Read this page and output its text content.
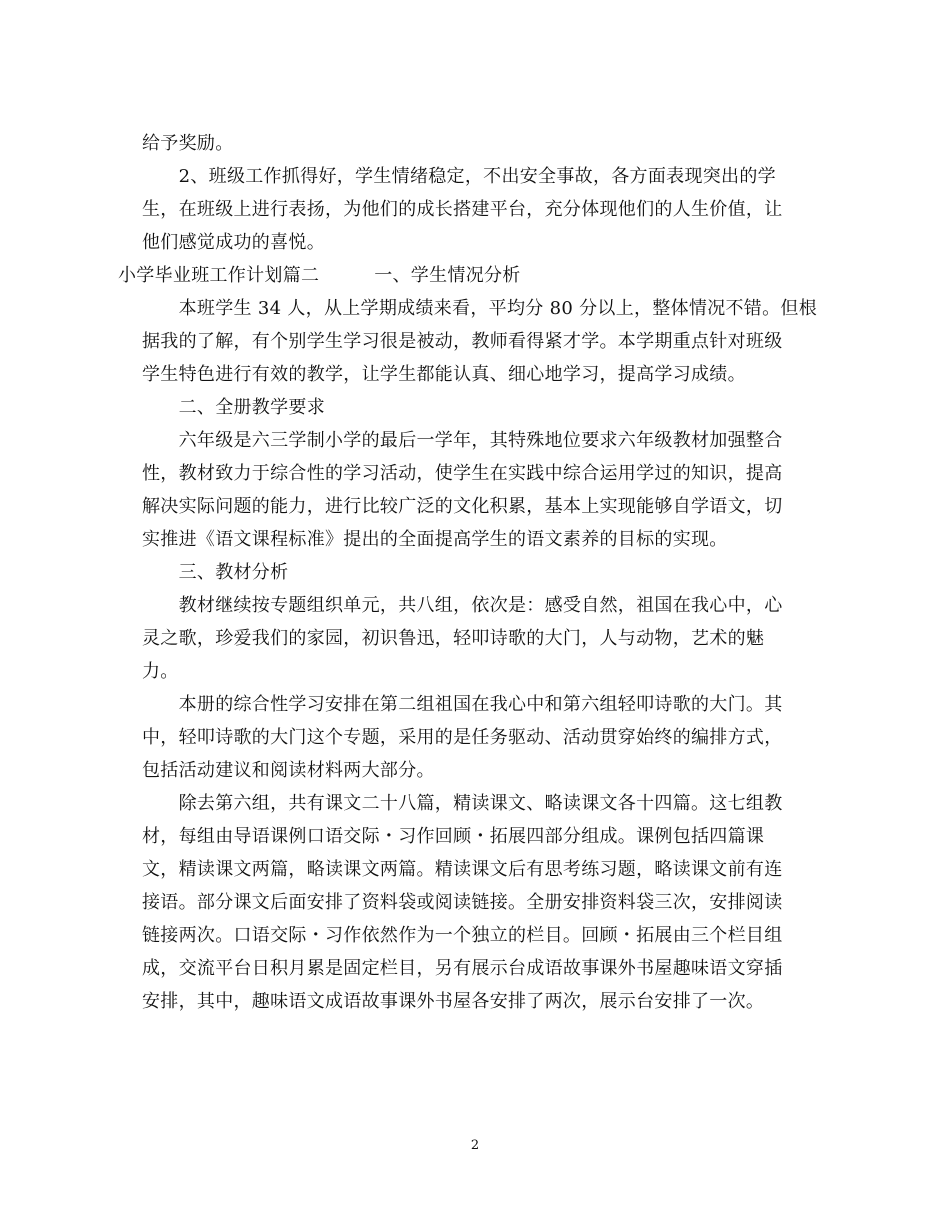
给予奖励。
　　2、班级工作抓得好，学生情绪稳定，不出安全事故，各方面表现突出的学
生，在班级上进行表扬，为他们的成长搭建平台，充分体现他们的人生价值，让
他们感觉成功的喜悦。
小学毕业班工作计划篇二　　　一、学生情况分析
　　本班学生 34 人，从上学期成绩来看，平均分 80 分以上，整体情况不错。但根
据我的了解，有个别学生学习很是被动，教师看得紧才学。本学期重点针对班级
学生特色进行有效的教学，让学生都能认真、细心地学习，提高学习成绩。
　　二、全册教学要求
　　六年级是六三学制小学的最后一学年，其特殊地位要求六年级教材加强整合
性，教材致力于综合性的学习活动，使学生在实践中综合运用学过的知识，提高
解决实际问题的能力，进行比较广泛的文化积累，基本上实现能够自学语文，切
实推进《语文课程标准》提出的全面提高学生的语文素养的目标的实现。
　　三、教材分析
　　教材继续按专题组织单元，共八组，依次是：感受自然，祖国在我心中，心
灵之歌，珍爱我们的家园，初识鲁迅，轻叩诗歌的大门，人与动物，艺术的魅
力。
　　本册的综合性学习安排在第二组祖国在我心中和第六组轻叩诗歌的大门。其
中，轻叩诗歌的大门这个专题，采用的是任务驱动、活动贯穿始终的编排方式，
包括活动建议和阅读材料两大部分。
　　除去第六组，共有课文二十八篇，精读课文、略读课文各十四篇。这七组教
材，每组由导语课例口语交际・习作回顾・拓展四部分组成。课例包括四篇课
文，精读课文两篇，略读课文两篇。精读课文后有思考练习题，略读课文前有连
接语。部分课文后面安排了资料袋或阅读链接。全册安排资料袋三次，安排阅读
链接两次。口语交际・习作依然作为一个独立的栏目。回顾・拓展由三个栏目组
成，交流平台日积月累是固定栏目，另有展示台成语故事课外书屋趣味语文穿插
安排，其中，趣味语文成语故事课外书屋各安排了两次，展示台安排了一次。
2
